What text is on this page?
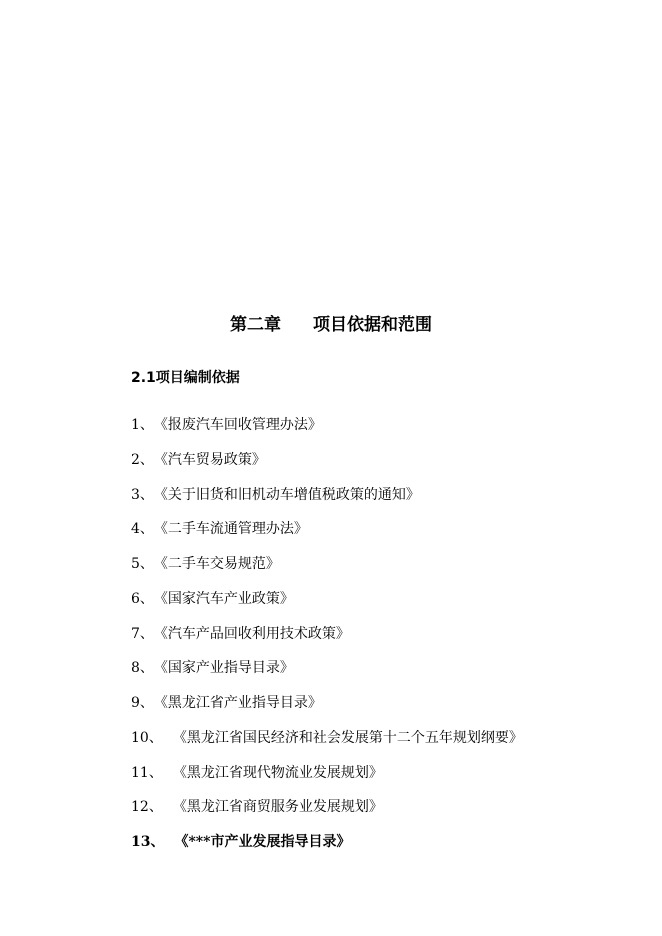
第二章 项目依据和范围
2.1项目编制依据
1、《报废汽车回收管理办法》
2、《汽车贸易政策》
3、《关于旧货和旧机动车增值税政策的通知》
4、《二手车流通管理办法》
5、《二手车交易规范》
6、《国家汽车产业政策》
7、《汽车产品回收利用技术政策》
8、《国家产业指导目录》
9、《黑龙江省产业指导目录》
10、 《黑龙江省国民经济和社会发展第十二个五年规划纲要》
11、 《黑龙江省现代物流业发展规划》
12、 《黑龙江省商贸服务业发展规划》
13、 《***市产业发展指导目录》
